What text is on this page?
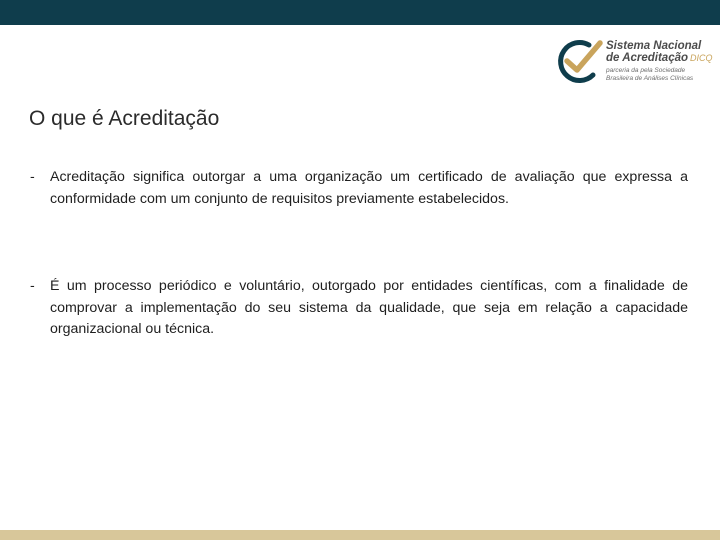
Sistema Nacional
de Acreditação DICQ
parceria da pela Sociedade
Brasileira de Análises Clínicas
O que é Acreditação
- Acreditação significa outorgar a uma organização um certificado de avaliação que expressa a conformidade com um conjunto de requisitos previamente estabelecidos.
- É um processo periódico e voluntário, outorgado por entidades científicas, com a finalidade de comprovar a implementação do seu sistema da qualidade, que seja em relação a capacidade organizacional ou técnica.
